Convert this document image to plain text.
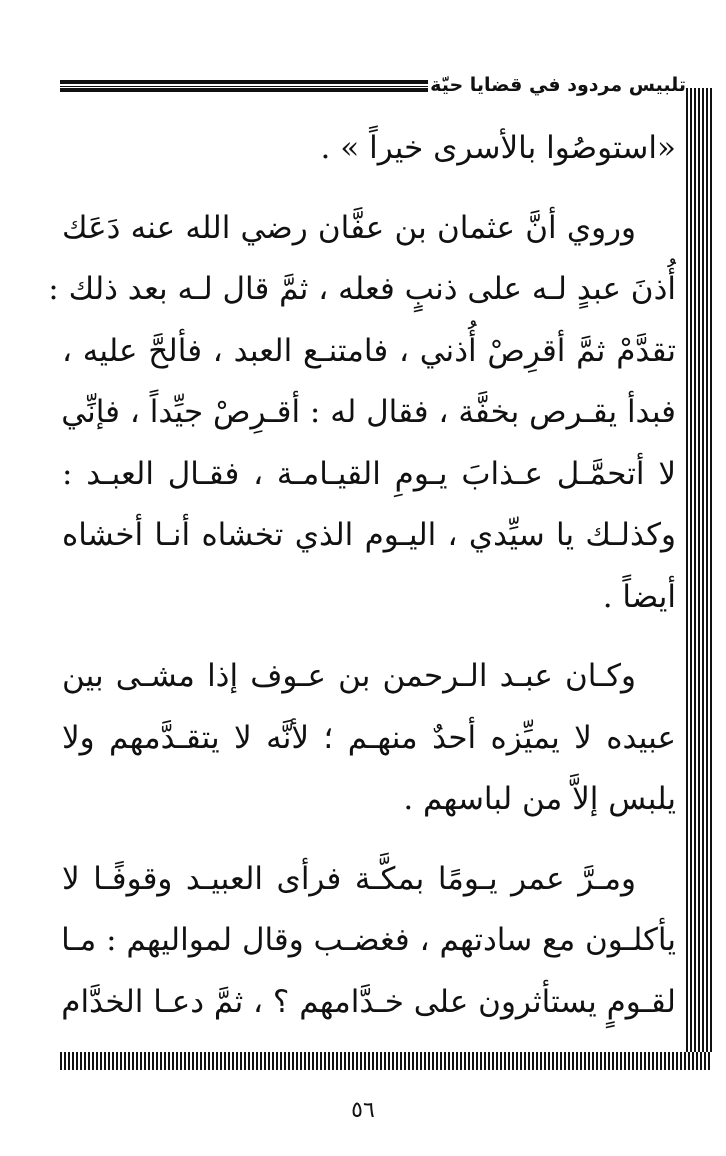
تلبيس مردود في قضايا حيّة

«استوصُوا بالأسرى خيراً » .

وروي أنَّ عثمان بن عفَّان رضي الله عنه دَعَك
أُذنَ عبدٍ لـه على ذنبٍ فعله ، ثمَّ قال لـه بعد ذلك :
تقدَّمْ ثمَّ أقرِصْ أُذني ، فامتنـع العبد ، فألحَّ عليه ،
فبدأ يقـرص بخفَّة ، فقال له : أقـرِصْ جيِّداً ، فإنِّي
لا أتحمَّـل عـذابَ يـومِ القيـامـة ، فقـال العبـد :
وكذلـك يا سيِّدي ، اليـوم الذي تخشاه أنـا أخشاه
أيضاً .

وكـان عبـد الـرحمن بن عـوف إذا مشـى بين
عبيده لا يميِّزه أحدٌ منهـم ؛ لأنَّه لا يتقـدَّمهم ولا
يلبس إلاَّ من لباسهم .

ومـرَّ عمر يـومًا بمكَّـة فرأى العبيـد وقوفًـا لا
يأكلـون مع سادتهم ، فغضـب وقال لمواليهم : مـا
لقـومٍ يستأثرون على خـدَّامهم ؟ ، ثمَّ دعـا الخدَّام

٥٦
